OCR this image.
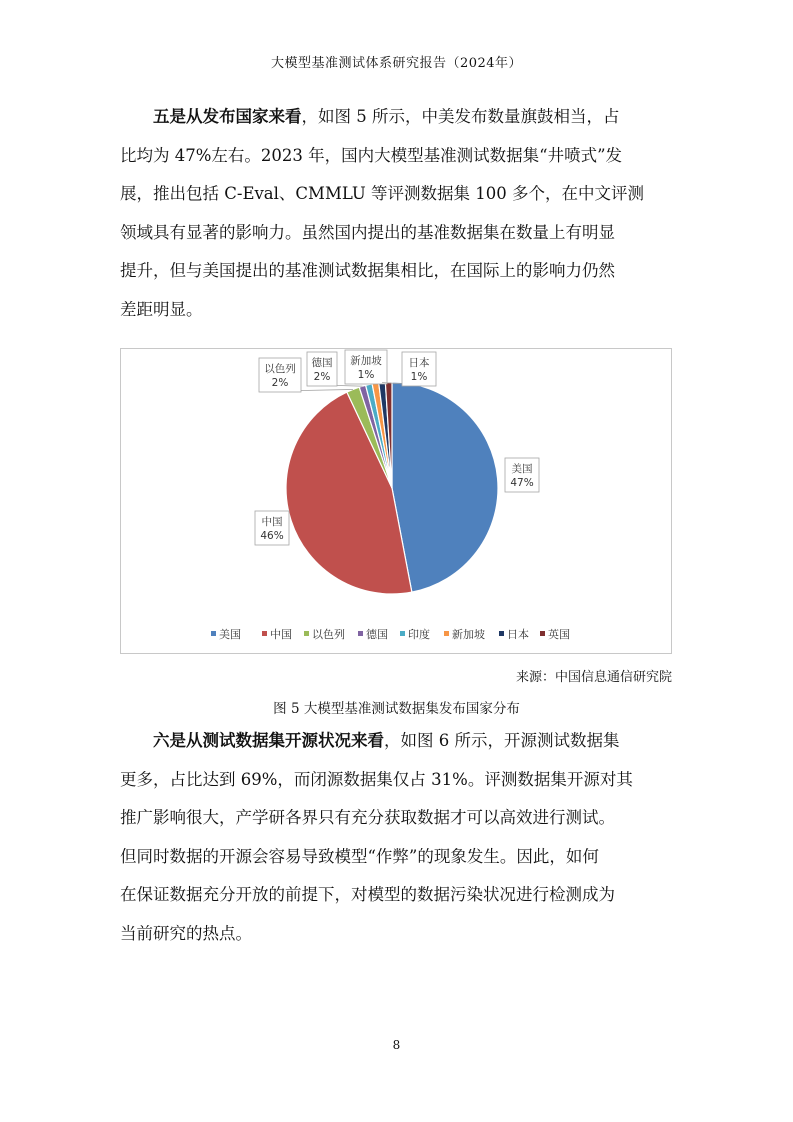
大模型基准测试体系研究报告（2024年）
五是从发布国家来看，如图 5 所示，中美发布数量旗鼓相当，占
比均为 47%左右。2023 年，国内大模型基准测试数据集“井喷式”发
展，推出包括 C-Eval、CMMLU 等评测数据集 100 多个，在中文评测
领域具有显著的影响力。虽然国内提出的基准数据集在数量上有明显
提升，但与美国提出的基准测试数据集相比，在国际上的影响力仍然
差距明显。
美国
47%
中国
46%
以色列
2%
德国
2%
新加坡
1%
日本
1%
美国	中国 以色列 德国 印度 新加坡 日本 英国
来源：中国信息通信研究院
图 5 大模型基准测试数据集发布国家分布
六是从测试数据集开源状况来看，如图 6 所示，开源测试数据集
更多，占比达到 69%，而闭源数据集仅占 31%。评测数据集开源对其
推广影响很大，产学研各界只有充分获取数据才可以高效进行测试。
但同时数据的开源会容易导致模型“作弊”的现象发生。因此，如何
在保证数据充分开放的前提下，对模型的数据污染状况进行检测成为
当前研究的热点。
8
